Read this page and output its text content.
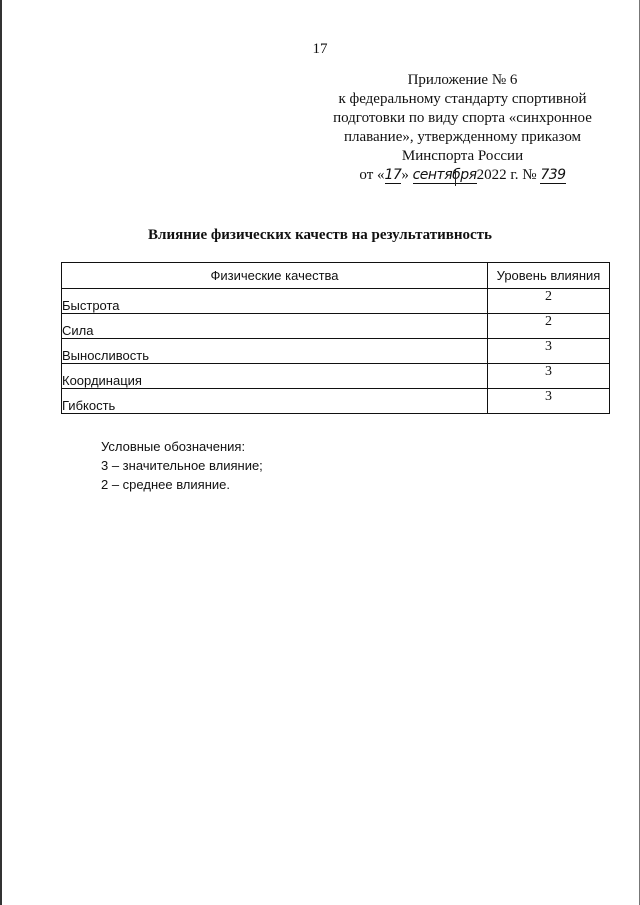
17
Приложение № 6
к федеральному стандарту спортивной
подготовки по виду спорта «синхронное
плавание», утвержденному приказом
Минспорта России
от «17» сентября2022 г. № 739
Влияние физических качеств на результативность
Физические качества	Уровень влияния
Быстрота	2
Сила	2
Выносливость	3
Координация	3
Гибкость	3
Условные обозначения:
3 – значительное влияние;
2 – среднее влияние.
